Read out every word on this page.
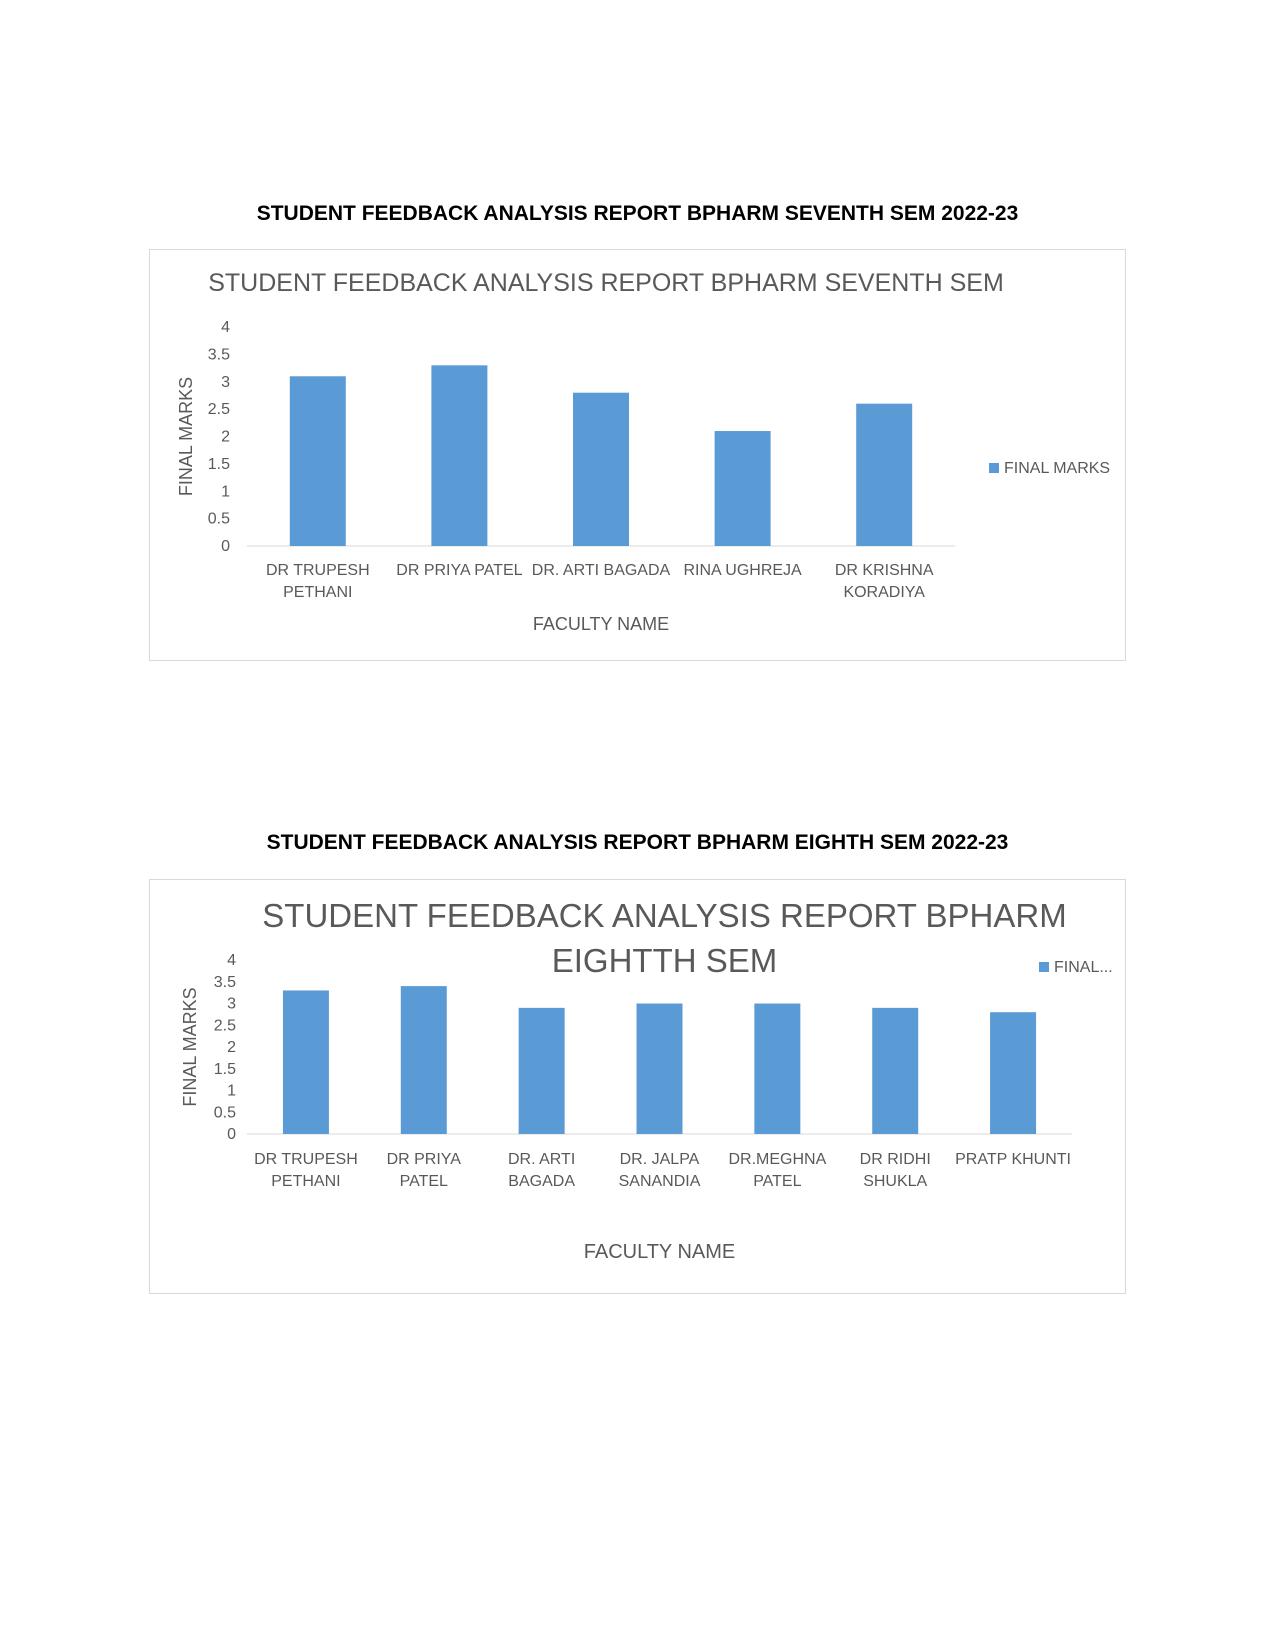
STUDENT FEEDBACK ANALYSIS REPORT BPHARM SEVENTH SEM 2022-23
STUDENT FEEDBACK ANALYSIS REPORT BPHARM SEVENTH SEM
0
0.5
1
1.5
2
2.5
3
3.5
4
DR TRUPESH
PETHANI
DR PRIYA PATEL DR. ARTI BAGADA RINA UGHREJA DR KRISHNA
KORADIYA
FACULTY NAME
FINAL MARKS	FINAL MARKS
STUDENT FEEDBACK ANALYSIS REPORT BPHARM EIGHTH SEM 2022-23
STUDENT FEEDBACK ANALYSIS REPORT BPHARM
EIGHTTH SEM
0
0.5
1
1.5
2
2.5
3
3.5
4
DR TRUPESH
PETHANI
DR PRIYA
PATEL
DR. ARTI
BAGADA
DR. JALPA
SANANDIA
DR.MEGHNA
PATEL
DR RIDHI
SHUKLA
PRATP KHUNTI
FACULTY NAME
FINAL MARKS
FINAL...
